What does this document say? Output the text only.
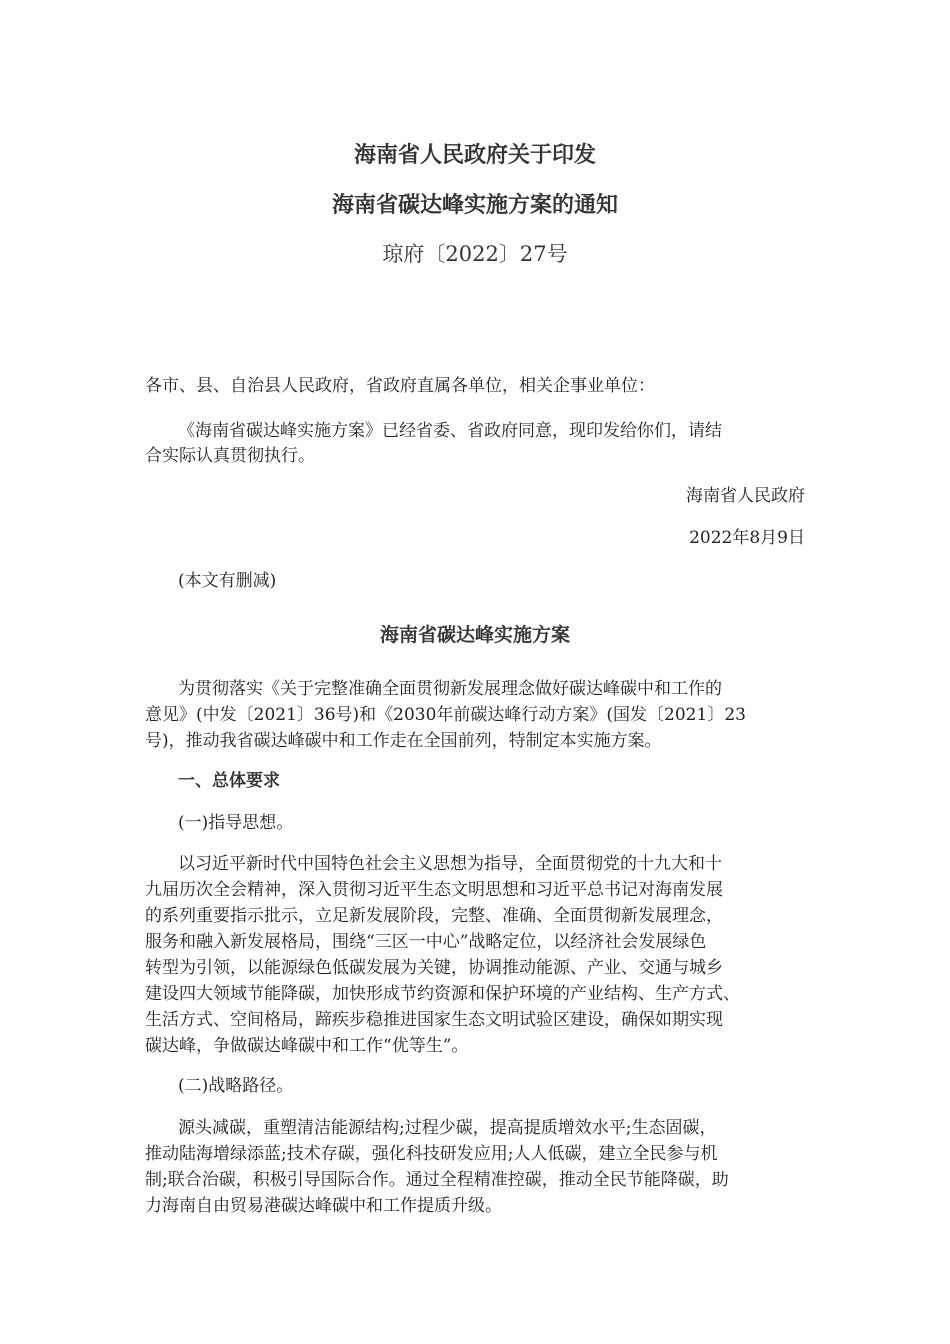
海南省人民政府关于印发
海南省碳达峰实施方案的通知
琼府〔2022〕27号
各市、县、自治县人民政府，省政府直属各单位，相关企事业单位：
《海南省碳达峰实施方案》已经省委、省政府同意，现印发给你们，请结
合实际认真贯彻执行。
海南省人民政府
2022年8月9日
(本文有删减)
海南省碳达峰实施方案
为贯彻落实《关于完整准确全面贯彻新发展理念做好碳达峰碳中和工作的
意见》(中发〔2021〕36号)和《2030年前碳达峰行动方案》(国发〔2021〕23
号)，推动我省碳达峰碳中和工作走在全国前列，特制定本实施方案。
一、总体要求
(一)指导思想。
以习近平新时代中国特色社会主义思想为指导，全面贯彻党的十九大和十
九届历次全会精神，深入贯彻习近平生态文明思想和习近平总书记对海南发展
的系列重要指示批示，立足新发展阶段，完整、准确、全面贯彻新发展理念，
服务和融入新发展格局，围绕“三区一中心”战略定位，以经济社会发展绿色
转型为引领，以能源绿色低碳发展为关键，协调推动能源、产业、交通与城乡
建设四大领域节能降碳，加快形成节约资源和保护环境的产业结构、生产方式、
生活方式、空间格局，蹄疾步稳推进国家生态文明试验区建设，确保如期实现
碳达峰，争做碳达峰碳中和工作“优等生”。
(二)战略路径。
源头减碳，重塑清洁能源结构;过程少碳，提高提质增效水平;生态固碳，
推动陆海增绿添蓝;技术存碳，强化科技研发应用;人人低碳，建立全民参与机
制;联合治碳，积极引导国际合作。通过全程精准控碳，推动全民节能降碳，助
力海南自由贸易港碳达峰碳中和工作提质升级。
